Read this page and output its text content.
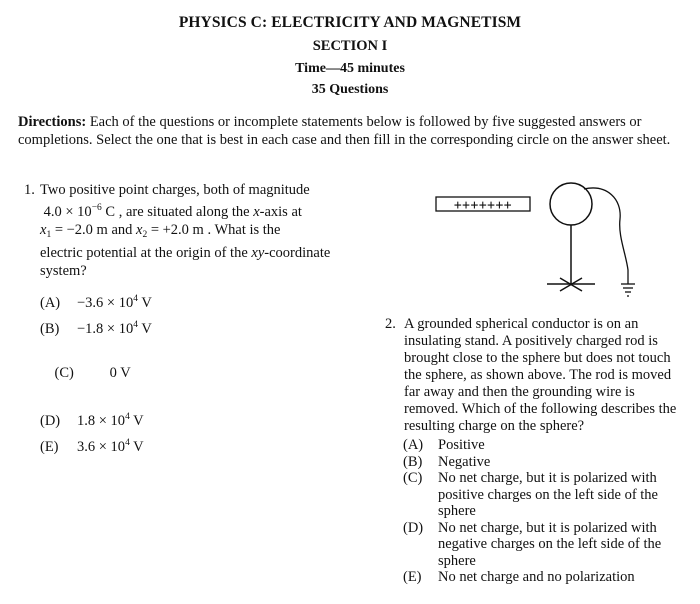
PHYSICS C: ELECTRICITY AND MAGNETISM
SECTION I
Time—45 minutes
35 Questions
Directions: Each of the questions or incomplete statements below is followed by five suggested answers or completions. Select the one that is best in each case and then fill in the corresponding circle on the answer sheet.
1. Two positive point charges, both of magnitude
$4.0 \times 10^{-6}$ C , are situated along the x-axis at
$x_1 = -2.0$ m and $x_2 = +2.0$ m . What is the
electric potential at the origin of the xy-coordinate
system?
$(A) -3.6 \times 10^4$ V
$(B) -1.8 \times 10^4$ V

(C)     0 V

(D) $1.8 \times 10^4$ V
(E) $3.6 \times 10^4$ V
+++++++
2. A grounded spherical conductor is on an insulating stand. A positively charged rod is brought close to the sphere but does not touch the sphere, as shown above. The rod is moved far away and then the grounding wire is removed. Which of the following describes the resulting charge on the sphere?
(A) Positive
(B) Negative
(C) No net charge, but it is polarized with positive charges on the left side of the sphere
(D) No net charge, but it is polarized with negative charges on the left side of the sphere
(E) No net charge and no polarization
